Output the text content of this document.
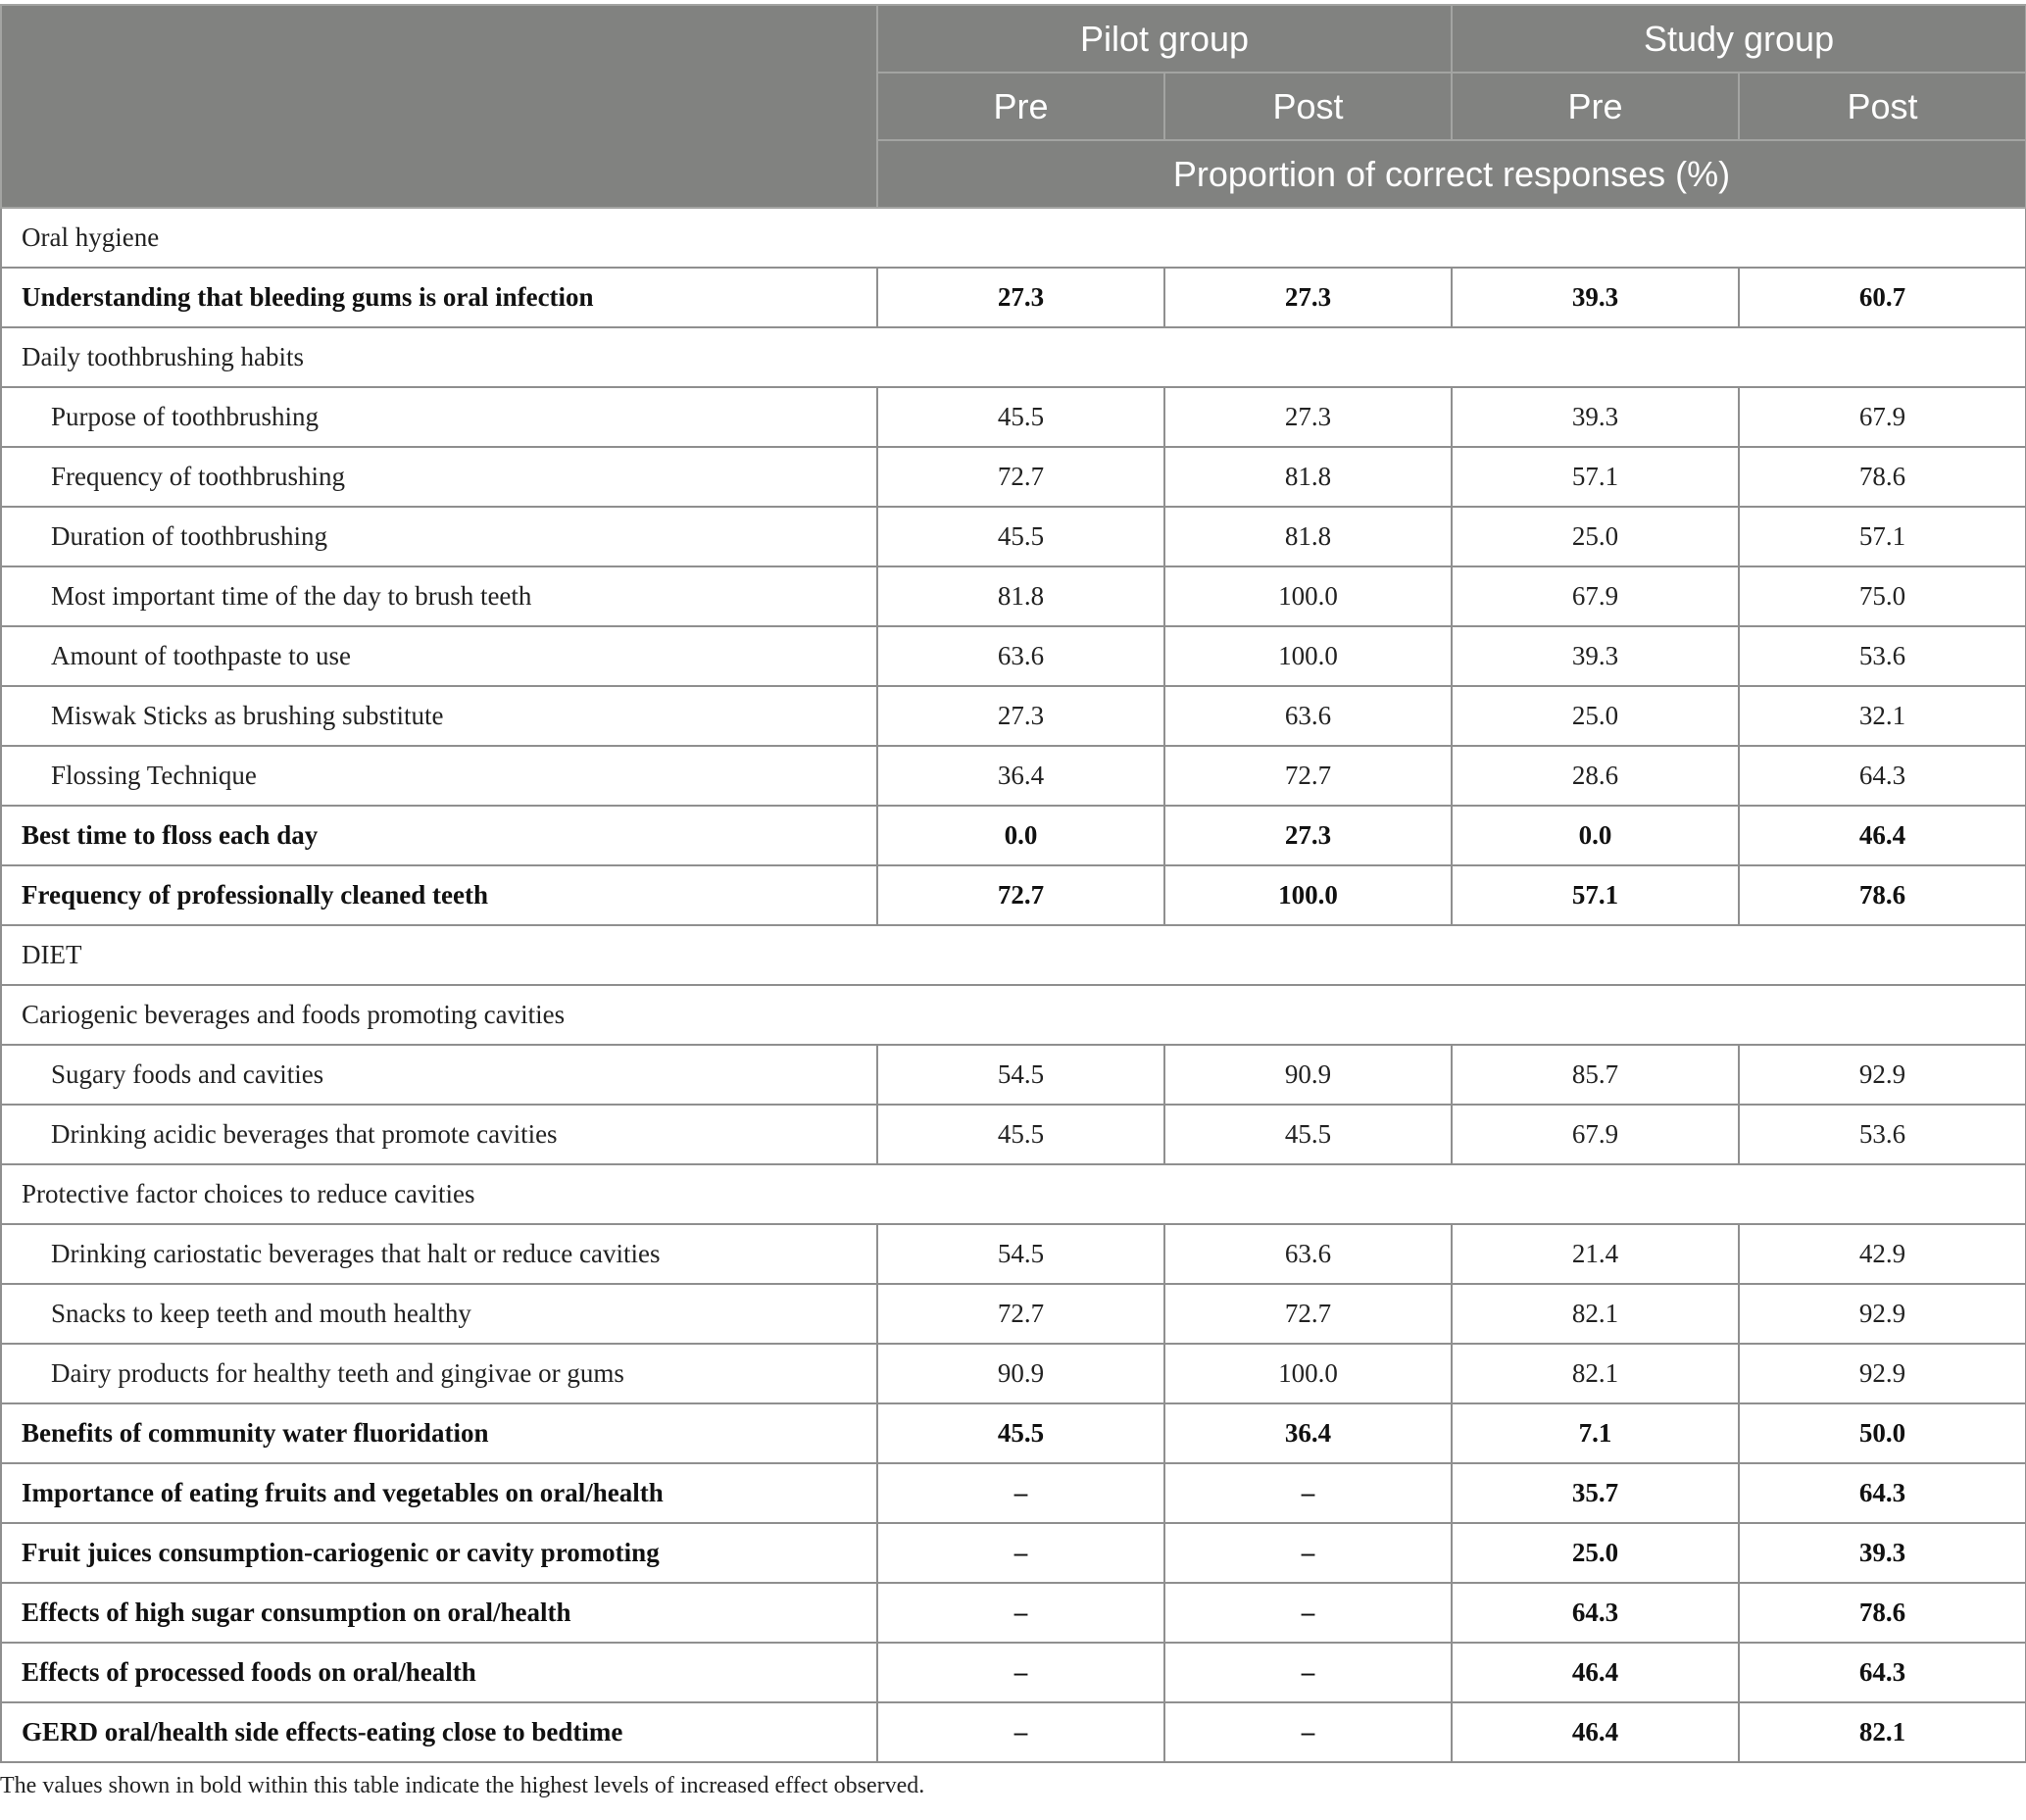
	Pilot group		Study group	
	Pre	Post	Pre	Post
	Proportion of correct responses (%)			
Oral hygiene				
Understanding that bleeding gums is oral infection	27.3	27.3	39.3	60.7
Daily toothbrushing habits				
Purpose of toothbrushing	45.5	27.3	39.3	67.9
Frequency of toothbrushing	72.7	81.8	57.1	78.6
Duration of toothbrushing	45.5	81.8	25.0	57.1
Most important time of the day to brush teeth	81.8	100.0	67.9	75.0
Amount of toothpaste to use	63.6	100.0	39.3	53.6
Miswak Sticks as brushing substitute	27.3	63.6	25.0	32.1
Flossing Technique	36.4	72.7	28.6	64.3
Best time to floss each day	0.0	27.3	0.0	46.4
Frequency of professionally cleaned teeth	72.7	100.0	57.1	78.6
DIET				
Cariogenic beverages and foods promoting cavities				
Sugary foods and cavities	54.5	90.9	85.7	92.9
Drinking acidic beverages that promote cavities	45.5	45.5	67.9	53.6
Protective factor choices to reduce cavities				
Drinking cariostatic beverages that halt or reduce cavities	54.5	63.6	21.4	42.9
Snacks to keep teeth and mouth healthy	72.7	72.7	82.1	92.9
Dairy products for healthy teeth and gingivae or gums	90.9	100.0	82.1	92.9
Benefits of community water fluoridation	45.5	36.4	7.1	50.0
Importance of eating fruits and vegetables on oral/health	–	–	35.7	64.3
Fruit juices consumption-cariogenic or cavity promoting	–	–	25.0	39.3
Effects of high sugar consumption on oral/health	–	–	64.3	78.6
Effects of processed foods on oral/health	–	–	46.4	64.3
GERD oral/health side effects-eating close to bedtime	–	–	46.4	82.1
The values shown in bold within this table indicate the highest levels of increased effect observed.
